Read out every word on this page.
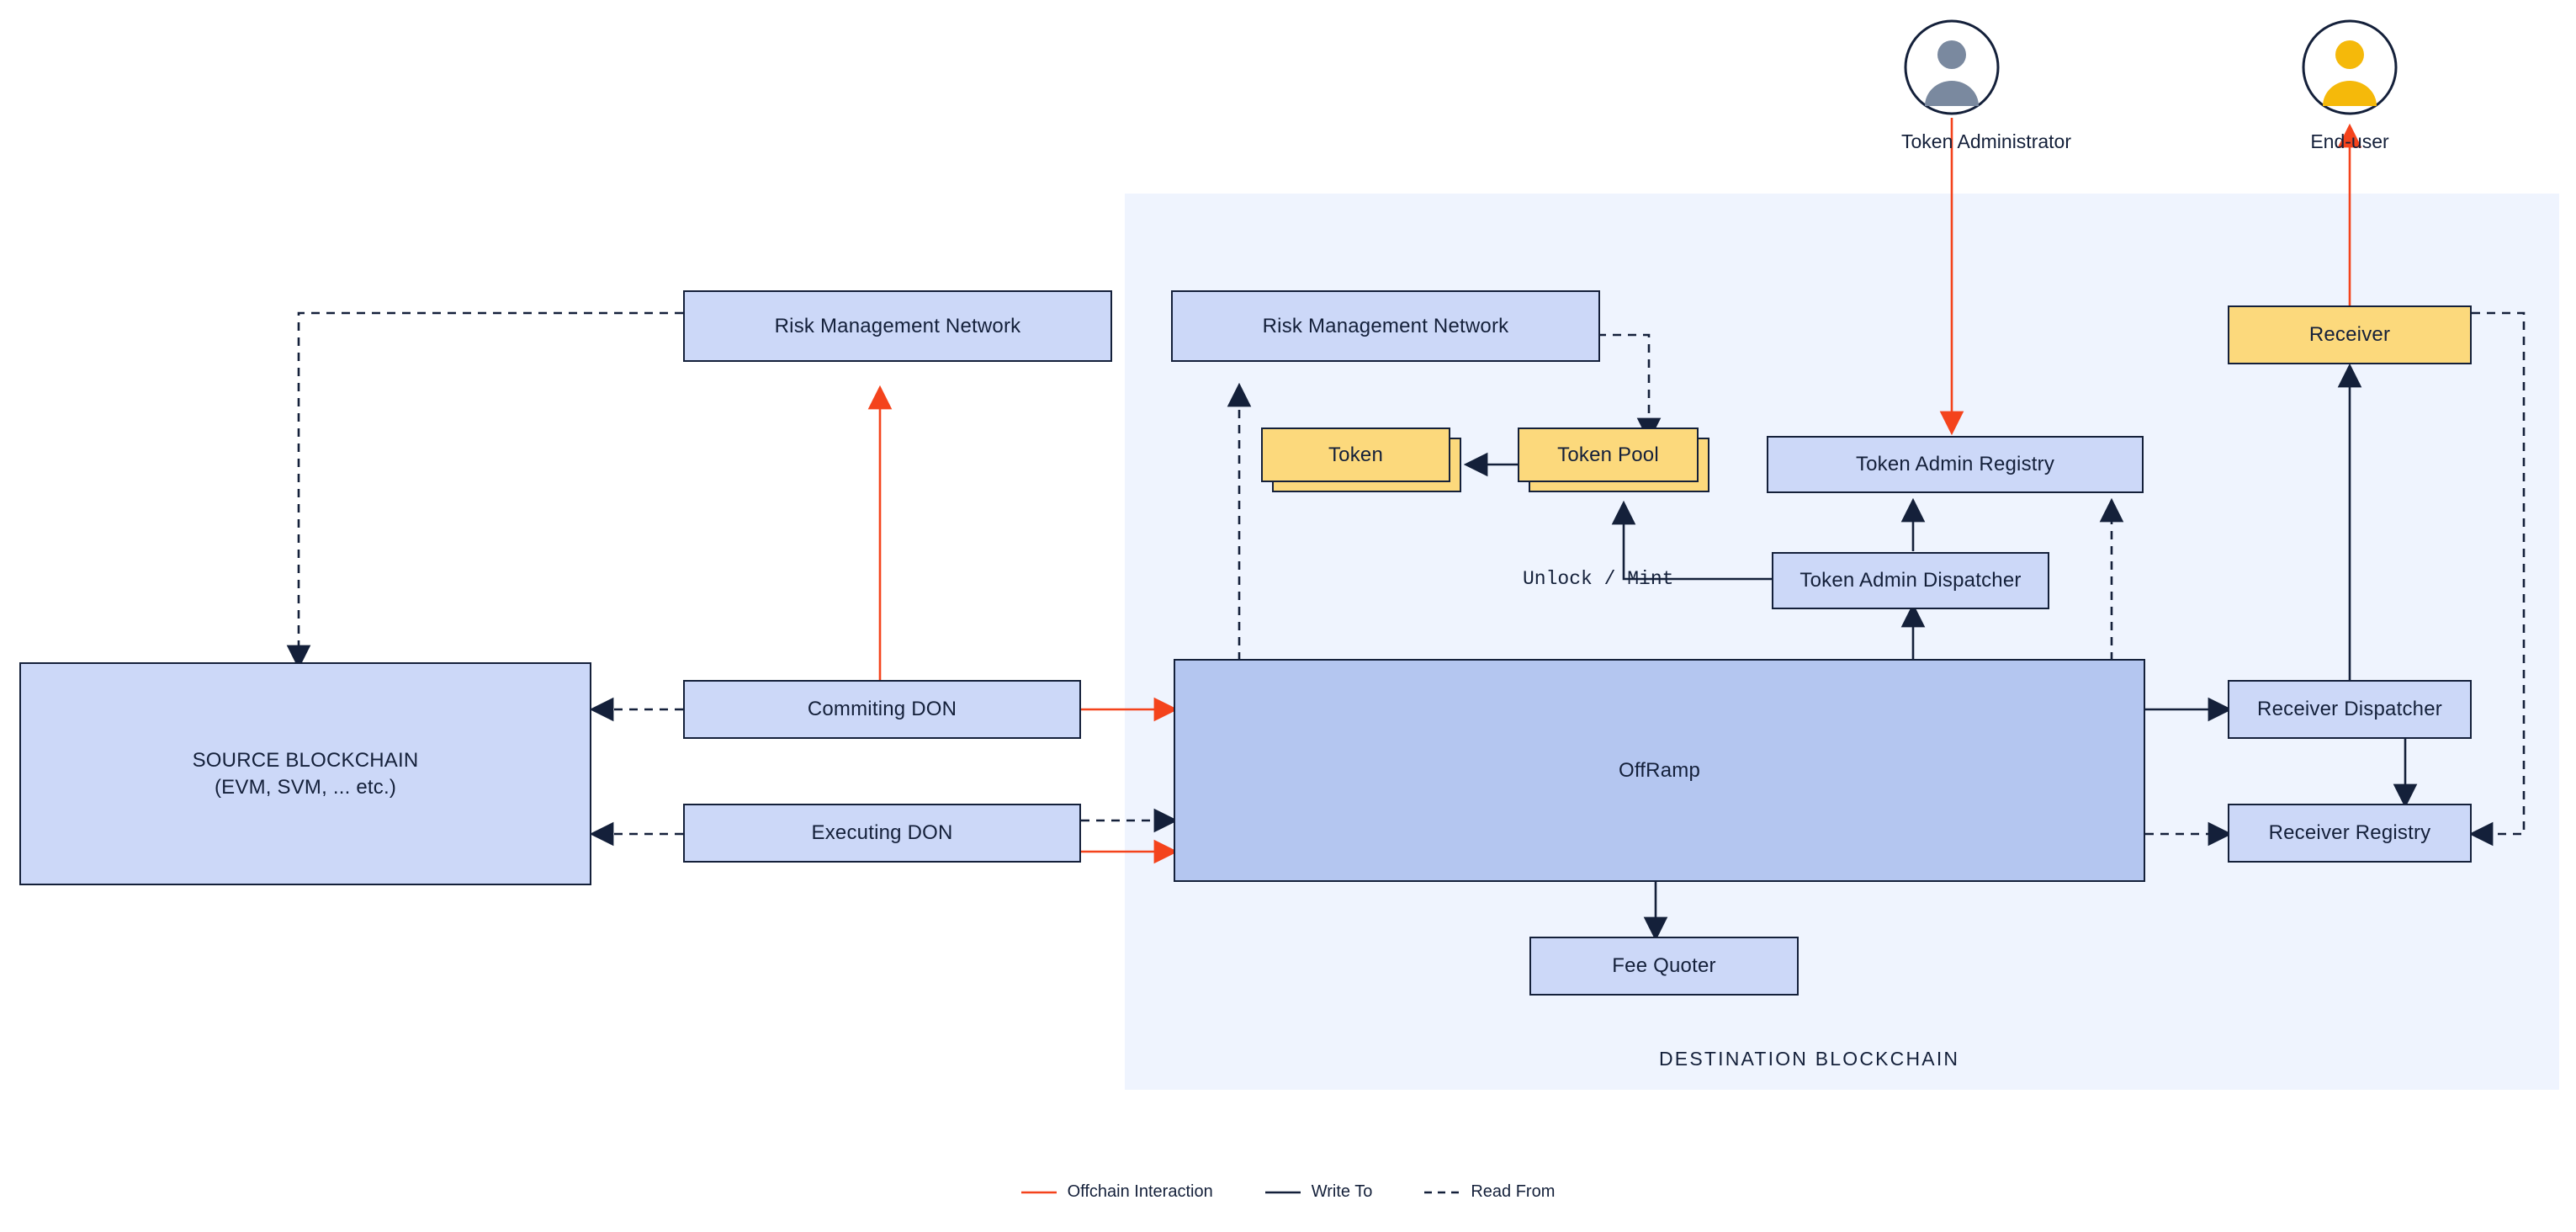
DESTINATION BLOCKCHAIN
Token Administrator	End-user
SOURCE BLOCKCHAIN
(EVM, SVM, ... etc.)
Risk Management Network	Risk Management Network
Commiting DON
Executing DON
Token	Token Pool	Token Admin Registry
Token Admin Dispatcher
Unlock / Mint
OffRamp
Fee Quoter
Receiver
Receiver Dispatcher
Receiver Registry
Offchain Interaction	Write To	Read From
